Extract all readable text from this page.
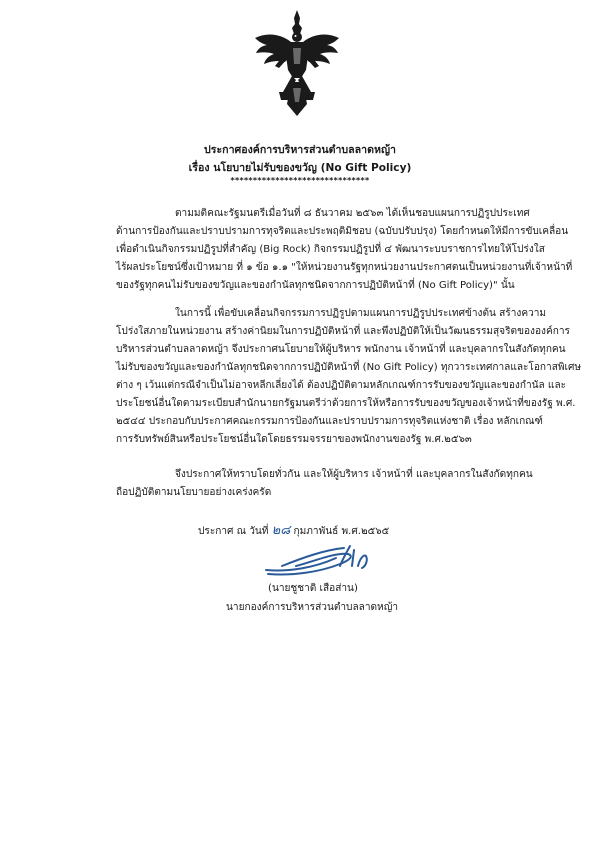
ประกาศองค์การบริหารส่วนตำบลลาดหญ้า
เรื่อง นโยบายไม่รับของขวัญ (No Gift Policy)
*******************************
ตามมติคณะรัฐมนตรีเมื่อวันที่ ๘ ธันวาคม ๒๕๖๓ ได้เห็นชอบแผนการปฏิรูปประเทศ
ด้านการป้องกันและปราบปรามการทุจริตและประพฤติมิชอบ (ฉบับปรับปรุง) โดยกำหนดให้มีการขับเคลื่อน
เพื่อดำเนินกิจกรรมปฏิรูปที่สำคัญ (Big Rock) กิจกรรมปฏิรูปที่ ๔ พัฒนาระบบราชการไทยให้โปร่งใส
ไร้ผลประโยชน์ซึ่งเป้าหมาย ที่ ๑ ข้อ ๑.๑ "ให้หน่วยงานรัฐทุกหน่วยงานประกาศตนเป็นหน่วยงานที่เจ้าหน้าที่
ของรัฐทุกคนไม่รับของขวัญและของกำนัลทุกชนิดจากการปฏิบัติหน้าที่ (No Gift Policy)" นั้น
ในการนี้ เพื่อขับเคลื่อนกิจกรรมการปฏิรูปตามแผนการปฏิรูปประเทศข้างต้น สร้างความ
โปร่งใสภายในหน่วยงาน สร้างค่านิยมในการปฏิบัติหน้าที่ และพึงปฏิบัติให้เป็นวัฒนธรรมสุจริตขององค์การ
บริหารส่วนตำบลลาดหญ้า จึงประกาศนโยบายให้ผู้บริหาร พนักงาน เจ้าหน้าที่ และบุคลากรในสังกัดทุกคน
ไม่รับของขวัญและของกำนัลทุกชนิดจากการปฏิบัติหน้าที่ (No Gift Policy) ทุกวาระเทศกาลและโอกาสพิเศษ
ต่าง ๆ เว้นแต่กรณีจำเป็นไม่อาจหลีกเลี่ยงได้ ต้องปฏิบัติตามหลักเกณฑ์การรับของขวัญและของกำนัล และ
ประโยชน์อื่นใดตามระเบียบสำนักนายกรัฐมนตรีว่าด้วยการให้หรือการรับของขวัญของเจ้าหน้าที่ของรัฐ พ.ศ.
๒๕๔๔ ประกอบกับประกาศคณะกรรมการป้องกันและปราบปรามการทุจริตแห่งชาติ เรื่อง หลักเกณฑ์
การรับทรัพย์สินหรือประโยชน์อื่นใดโดยธรรมจรรยาของพนักงานของรัฐ พ.ศ.๒๕๖๓
จึงประกาศให้ทราบโดยทั่วกัน และให้ผู้บริหาร เจ้าหน้าที่ และบุคลากรในสังกัดทุกคน
ถือปฏิบัติตามนโยบายอย่างเคร่งครัด
ประกาศ ณ วันที่ ๒๘ กุมภาพันธ์ พ.ศ.๒๕๖๕
(นายชูชาติ เสือส่าน)
นายกองค์การบริหารส่วนตำบลลาดหญ้า
